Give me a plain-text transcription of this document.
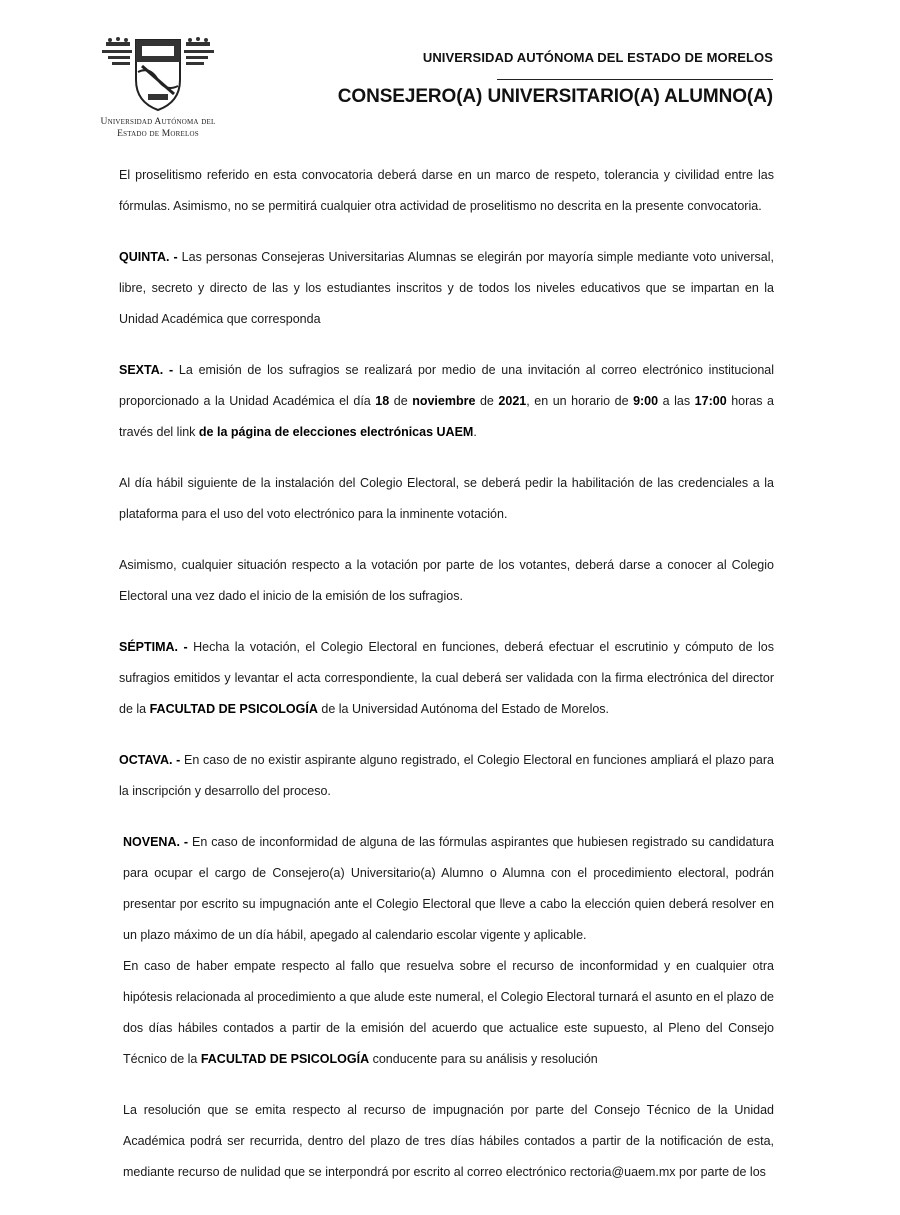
Universidad Autónoma del
Estado de Morelos
UNIVERSIDAD AUTÓNOMA DEL ESTADO DE MORELOS
CONSEJERO(A) UNIVERSITARIO(A) ALUMNO(A)

El proselitismo referido en esta convocatoria deberá darse en un marco de respeto, tolerancia y civilidad entre las fórmulas. Asimismo, no se permitirá cualquier otra actividad de proselitismo no descrita en la presente convocatoria.

QUINTA. - Las personas Consejeras Universitarias Alumnas se elegirán por mayoría simple mediante voto universal, libre, secreto y directo de las y los estudiantes inscritos y de todos los niveles educativos que se impartan en la Unidad Académica que corresponda

SEXTA. - La emisión de los sufragios se realizará por medio de una invitación al correo electrónico institucional proporcionado a la Unidad Académica el día 18 de noviembre de 2021, en un horario de 9:00 a las 17:00 horas a través del link de la página de elecciones electrónicas UAEM.

Al día hábil siguiente de la instalación del Colegio Electoral, se deberá pedir la habilitación de las credenciales a la plataforma para el uso del voto electrónico para la inminente votación.

Asimismo, cualquier situación respecto a la votación por parte de los votantes, deberá darse a conocer al Colegio Electoral una vez dado el inicio de la emisión de los sufragios.

SÉPTIMA. - Hecha la votación, el Colegio Electoral en funciones, deberá efectuar el escrutinio y cómputo de los sufragios emitidos y levantar el acta correspondiente, la cual deberá ser validada con la firma electrónica del director de la FACULTAD DE PSICOLOGÍA de la Universidad Autónoma del Estado de Morelos.

OCTAVA. - En caso de no existir aspirante alguno registrado, el Colegio Electoral en funciones ampliará el plazo para la inscripción y desarrollo del proceso.

NOVENA. - En caso de inconformidad de alguna de las fórmulas aspirantes que hubiesen registrado su candidatura para ocupar el cargo de Consejero(a) Universitario(a) Alumno o Alumna con el procedimiento electoral, podrán presentar por escrito su impugnación ante el Colegio Electoral que lleve a cabo la elección quien deberá resolver en un plazo máximo de un día hábil, apegado al calendario escolar vigente y aplicable.

En caso de haber empate respecto al fallo que resuelva sobre el recurso de inconformidad y en cualquier otra hipótesis relacionada al procedimiento a que alude este numeral, el Colegio Electoral turnará el asunto en el plazo de dos días hábiles contados a partir de la emisión del acuerdo que actualice este supuesto, al Pleno del Consejo Técnico de la FACULTAD DE PSICOLOGÍA conducente para su análisis y resolución

La resolución que se emita respecto al recurso de impugnación por parte del Consejo Técnico de la Unidad Académica podrá ser recurrida, dentro del plazo de tres días hábiles contados a partir de la notificación de esta, mediante recurso de nulidad que se interpondrá por escrito al correo electrónico rectoria@uaem.mx por parte de los
